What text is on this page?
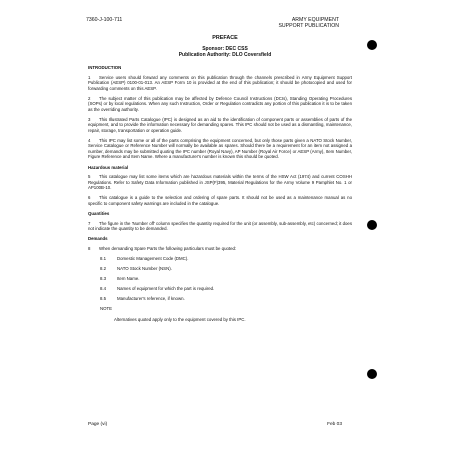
7360-J-100-711	ARMY EQUIPMENT
SUPPORT PUBLICATION
PREFACE
Sponsor: DEC CSS
Publication Authority: DLO Coversfield
INTRODUCTION
1 Service users should forward any comments on this publication through the channels prescribed in Army Equipment Support Publication (AESP) 0100-01-013. An AESP Form 10 is provided at the end of this publication; it should be photocopied and used for forwarding comments on this AESP.
2 The subject matter of this publication may be affected by Defence Council Instructions (DCIs), Standing Operating Procedures (SOPs) or by local regulations. When any such Instruction, Order or Regulation contradicts any portion of this publication it is to be taken as the overriding authority.
3 This Illustrated Parts Catalogue (IPC) is designed as an aid to the identification of component parts or assemblies of parts of the equipment, and to provide the information necessary for demanding spares. This IPC should not be used as a dismantling, maintenance, repair, storage, transportation or operation guide.
4 This IPC may list some or all of the parts comprising the equipment concerned, but only those parts given a NATO Stock Number, Service Catalogue or Reference Number will normally be available as spares. Should there be a requirement for an item not assigned a number, demands may be submitted quoting the IPC number (Royal Navy), AP Number (Royal Air Force) or AESP (Army), Item Number, Figure Reference and Item Name. Where a manufacturer's number is known this should be quoted.
Hazardous material
5 This catalogue may list some items which are hazardous materials within the terms of the HSW Act (1974) and current COSHH Regulations. Refer to Safety Data Information published in JSP(F)395, Material Regulations for the Army Volume 9 Pamphlet No. 1 or AP100B-10.
6 This catalogue is a guide to the selection and ordering of spare parts. It should not be used as a maintenance manual as no specific to component safety warnings are included in the catalogue.
Quantities
7 The figure in the 'Number off' column specifies the quantity required for the unit (or assembly, sub-assembly, etc) concerned; it does not indicate the quantity to be demanded.
Demands
8 When demanding Spare Parts the following particulars must be quoted:
8.1	Domestic Management Code (DMC).
8.2	NATO Stock Number (NSN).
8.3	Item Name.
8.4	Names of equipment for which the part is required.
8.5	Manufacturer's reference, if known.
NOTE
Alternatives quoted apply only to the equipment covered by this IPC.
Page (vi)	Feb 03
